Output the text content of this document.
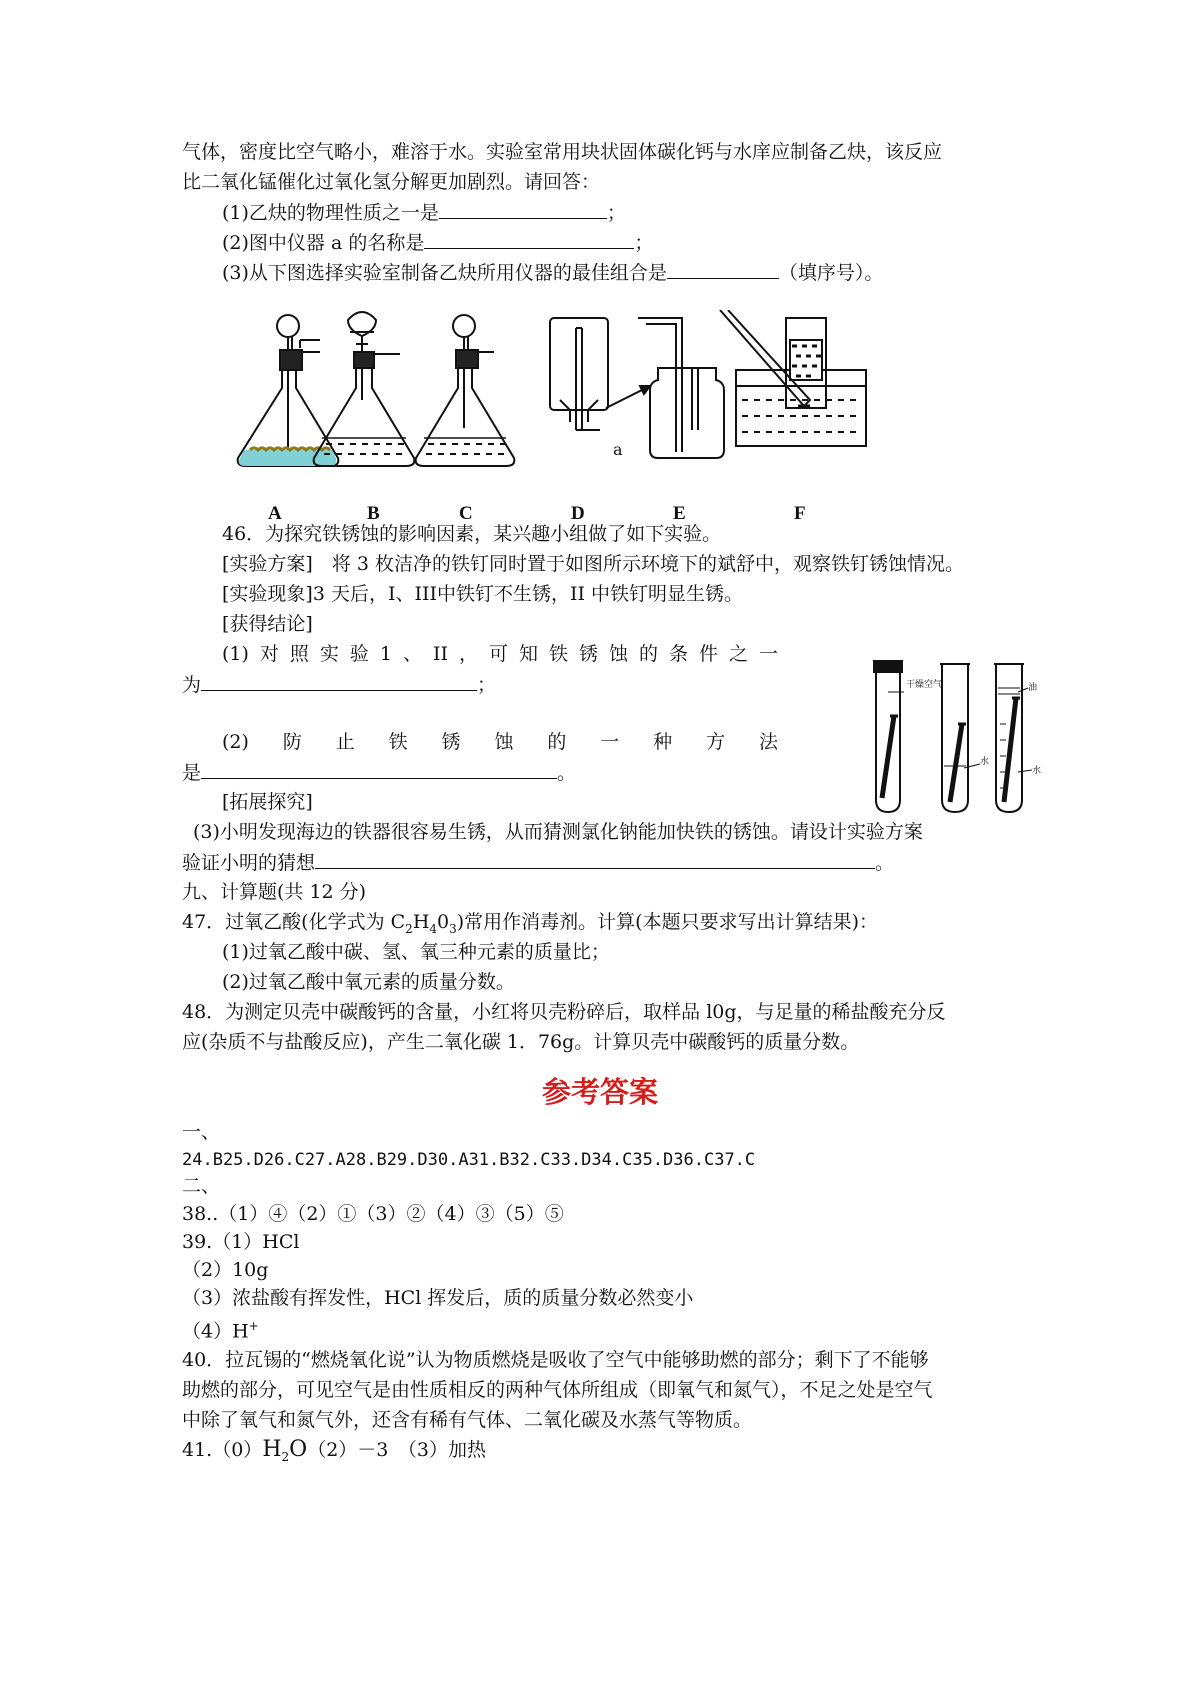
气体，密度比空气略小，难溶于水。实验室常用块状固体碳化钙与水庠应制备乙炔，该反应
比二氧化锰催化过氧化氢分解更加剧烈。请回答：
(1)乙炔的物理性质之一是	；
(2)图中仪器 a 的名称是	；
(3)从下图选择实验室制备乙炔所用仪器的最佳组合是	（填序号）。
A	B	C	D	E	F
a
46．为探究铁锈蚀的影响因素，某兴趣小组做了如下实验。
[实验方案]　将 3 枚洁净的铁钉同时置于如图所示环境下的斌舒中，观察铁钉锈蚀情况。
[实验现象]3 天后，I、III中铁钉不生锈，II 中铁钉明显生锈。
[获得结论]
(1) 对 照 实 验 1 、 II ， 可 知 铁 锈 蚀 的 条 件 之 一
为	；
(2) 防 止 铁 锈 蚀 的 一 种 方 法
是	。
干燥空气
水
油
水
[拓展探究]
(3)小明发现海边的铁器很容易生锈，从而猜测氯化钠能加快铁的锈蚀。请设计实验方案
验证小明的猜想	。
九、计算题(共 12 分)
47．过氧乙酸(化学式为 $C_2H_40_3$)常用作消毒剂。计算(本题只要求写出计算结果)：
(1)过氧乙酸中碳、氢、氧三种元素的质量比；
(2)过氧乙酸中氧元素的质量分数。
48．为测定贝壳中碳酸钙的含量，小红将贝壳粉碎后，取样品 l0g，与足量的稀盐酸充分反
应(杂质不与盐酸反应)，产生二氧化碳 1．76g。计算贝壳中碳酸钙的质量分数。
参考答案
一、
24.B25.D26.C27.A28.B29.D30.A31.B32.C33.D34.C35.D36.C37.C
二、
38..（1）④（2）①（3）②（4）③（5）⑤
39.（1）HCl
（2）10g
（3）浓盐酸有挥发性，HCl 挥发后，质的质量分数必然变小
（4）H+
40．拉瓦锡的“燃烧氧化说”认为物质燃烧是吸收了空气中能够助燃的部分；剩下了不能够
助燃的部分，可见空气是由性质相反的两种气体所组成（即氧气和氮气），不足之处是空气
中除了氧气和氮气外，还含有稀有气体、二氧化碳及水蒸气等物质。
$41.(0)H_2O(2)-3$　（3）加热
